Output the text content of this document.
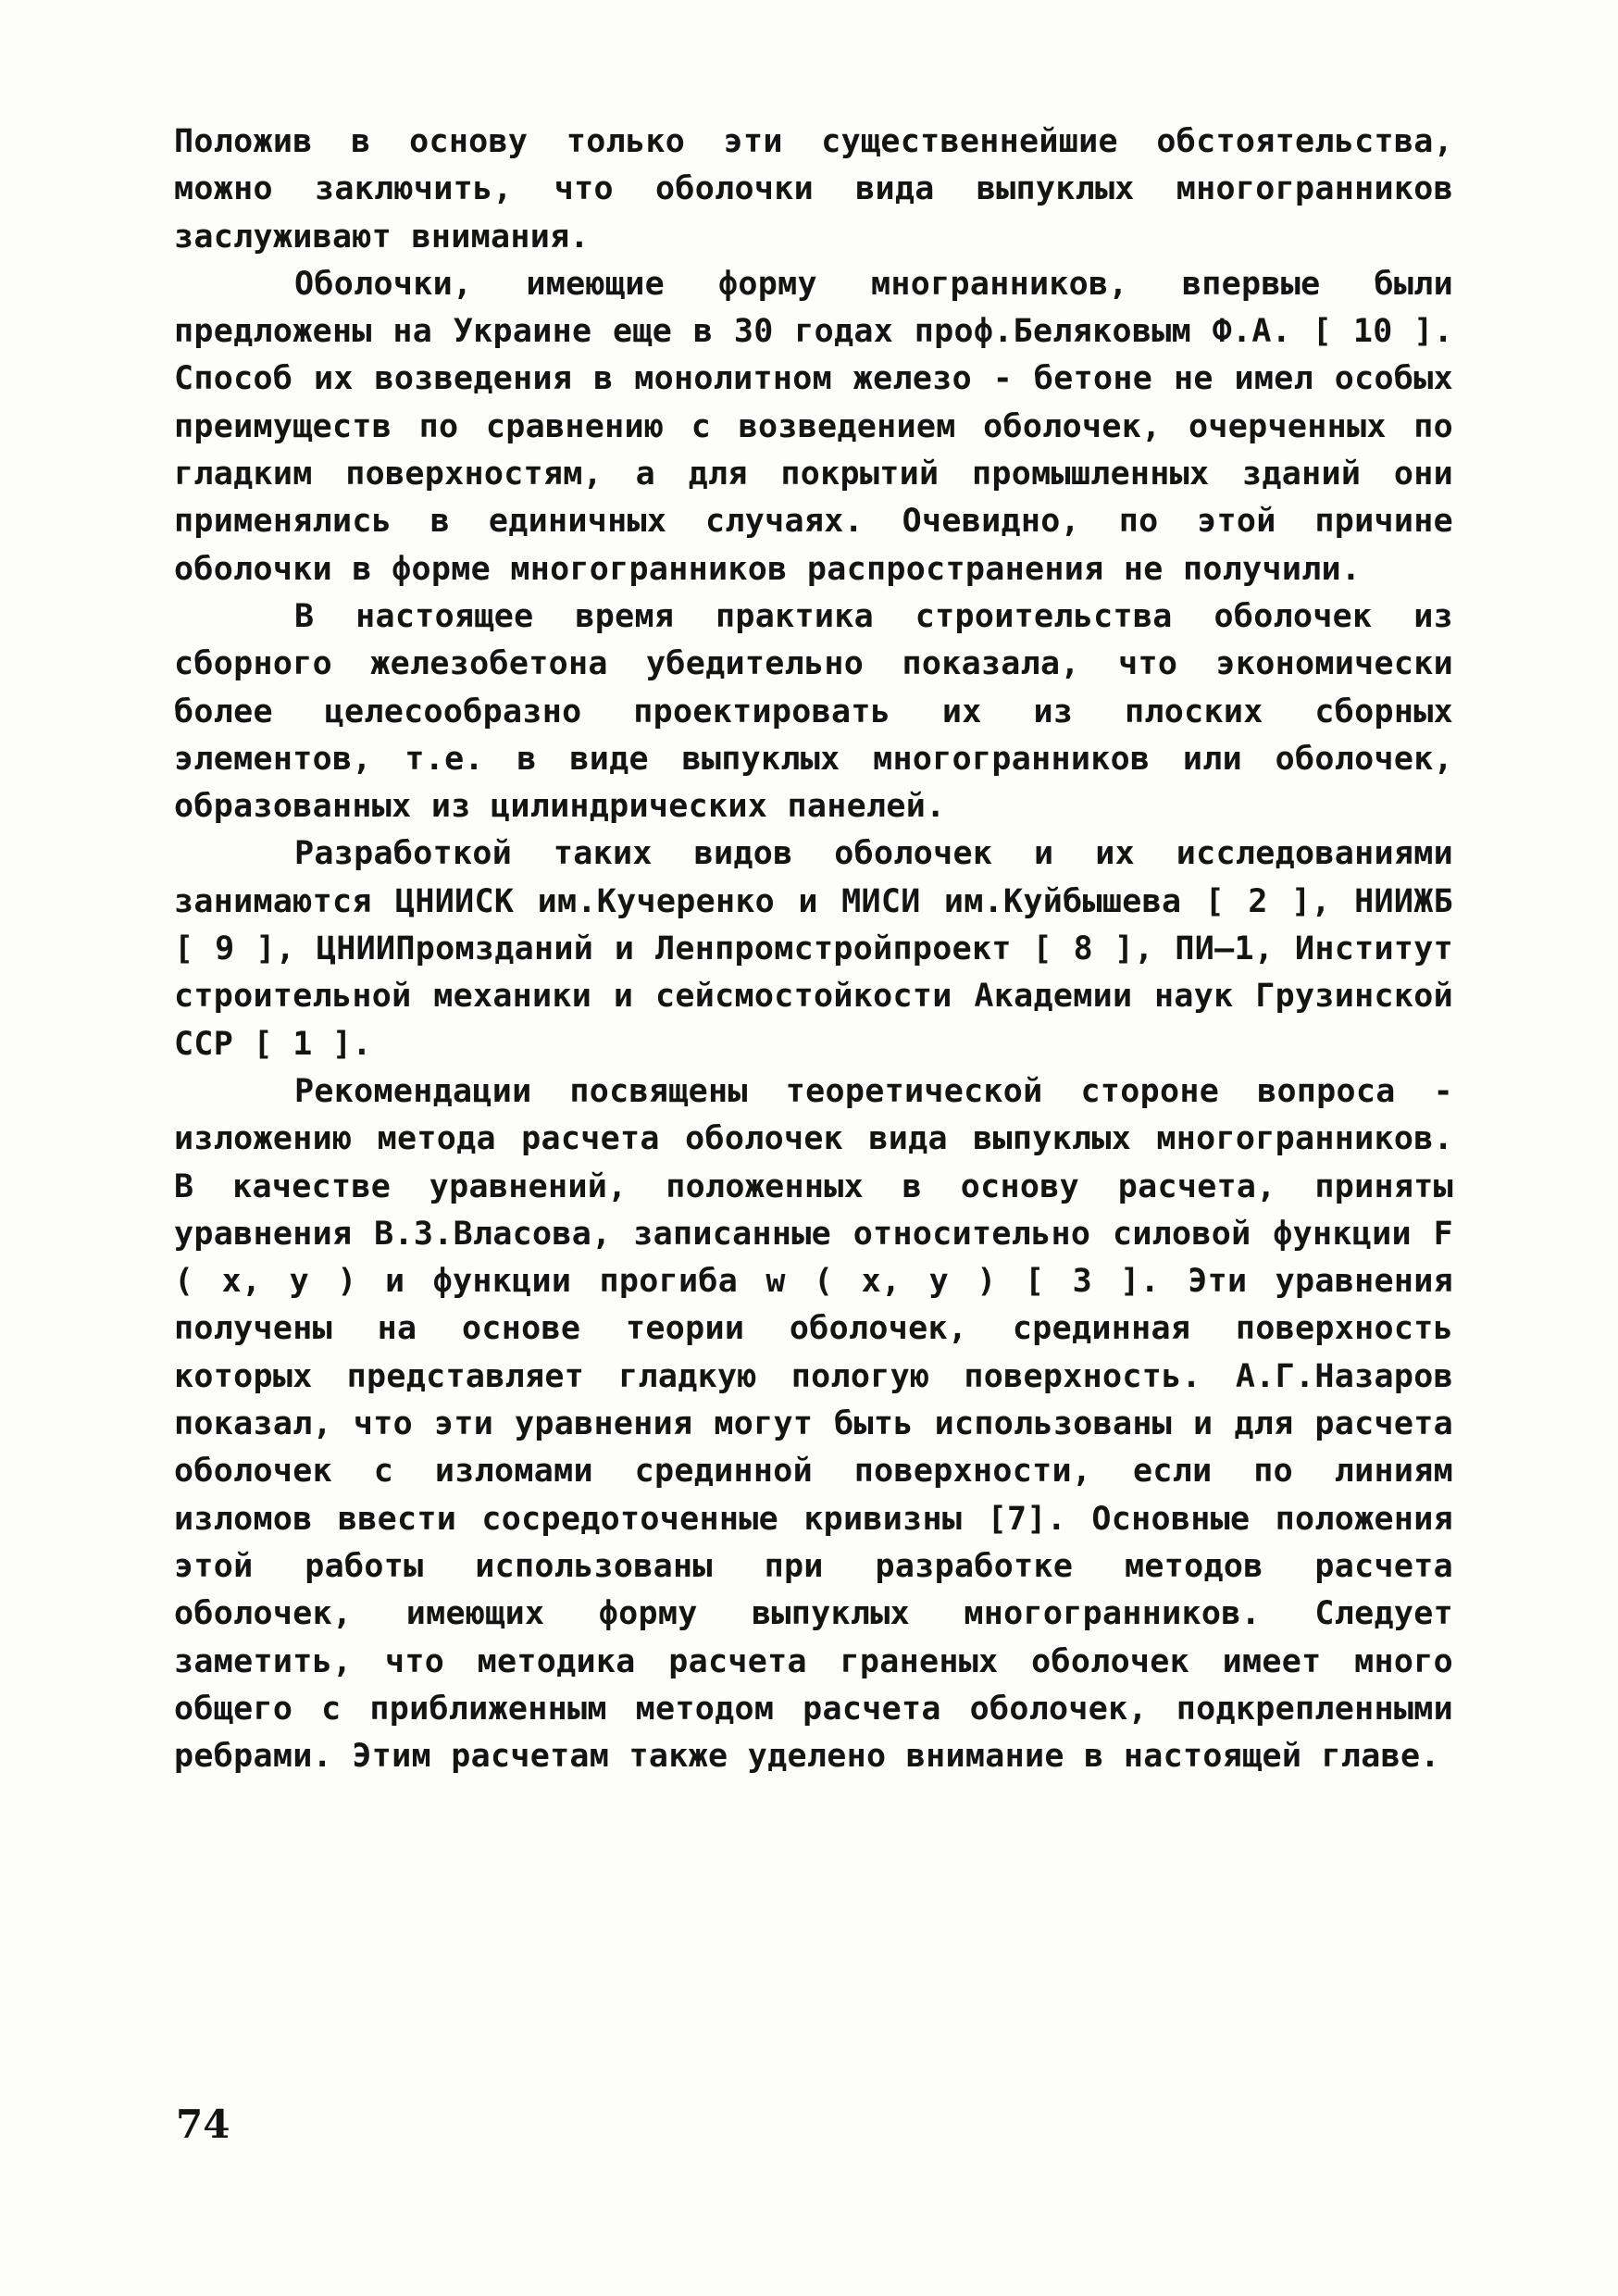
Положив в основу только эти существеннейшие обстоятельства, можно заключить, что оболочки вида выпуклых многогранников заслуживают внимания.

Оболочки, имеющие форму многранников, впервые были предложены на Украине еще в 30 годах проф.Беляковым Ф.А. [ 10 ]. Способ их возведения в монолитном железо - бетоне не имел особых преимуществ по сравнению с возведением оболочек, очерченных по гладким поверхностям, а для покрытий промышленных зданий они применялись в единичных случаях. Очевидно, по этой причине оболочки в форме многогранников распространения не получили.

В настоящее время практика строительства оболочек из сборного железобетона убедительно показала, что экономически более целесообразно проектировать их из плоских сборных элементов, т.е. в виде выпуклых многогранников или оболочек, образованных из цилиндрических панелей.

Разработкой таких видов оболочек и их исследованиями занимаются ЦНИИСК им.Кучеренко и МИСИ им.Куйбышева [ 2 ], НИИЖБ [ 9 ], ЦНИИПромзданий и Ленпромстройпроект [ 8 ], ПИ–1, Институт строительной механики и сейсмостойкости Академии наук Грузинской ССР [ 1 ].

Рекомендации посвящены теоретической стороне вопроса - изложению метода расчета оболочек вида выпуклых многогранников. В качестве уравнений, положенных в основу расчета, приняты уравнения В.З.Власова, записанные относительно силовой функции F ( x, y ) и функции прогиба w ( x, y ) [ 3 ]. Эти уравнения получены на основе теории оболочек, срединная поверхность которых представляет гладкую пологую поверхность. А.Г.Назаров показал, что эти уравнения могут быть использованы и для расчета оболочек с изломами срединной поверхности, если по линиям изломов ввести сосредоточенные кривизны [7]. Основные положения этой работы использованы при разработке методов расчета оболочек, имеющих форму выпуклых многогранников. Следует заметить, что методика расчета граненых оболочек имеет много общего с приближенным методом расчета оболочек, подкрепленными ребрами. Этим расчетам также уделено внимание в настоящей главе.

74
